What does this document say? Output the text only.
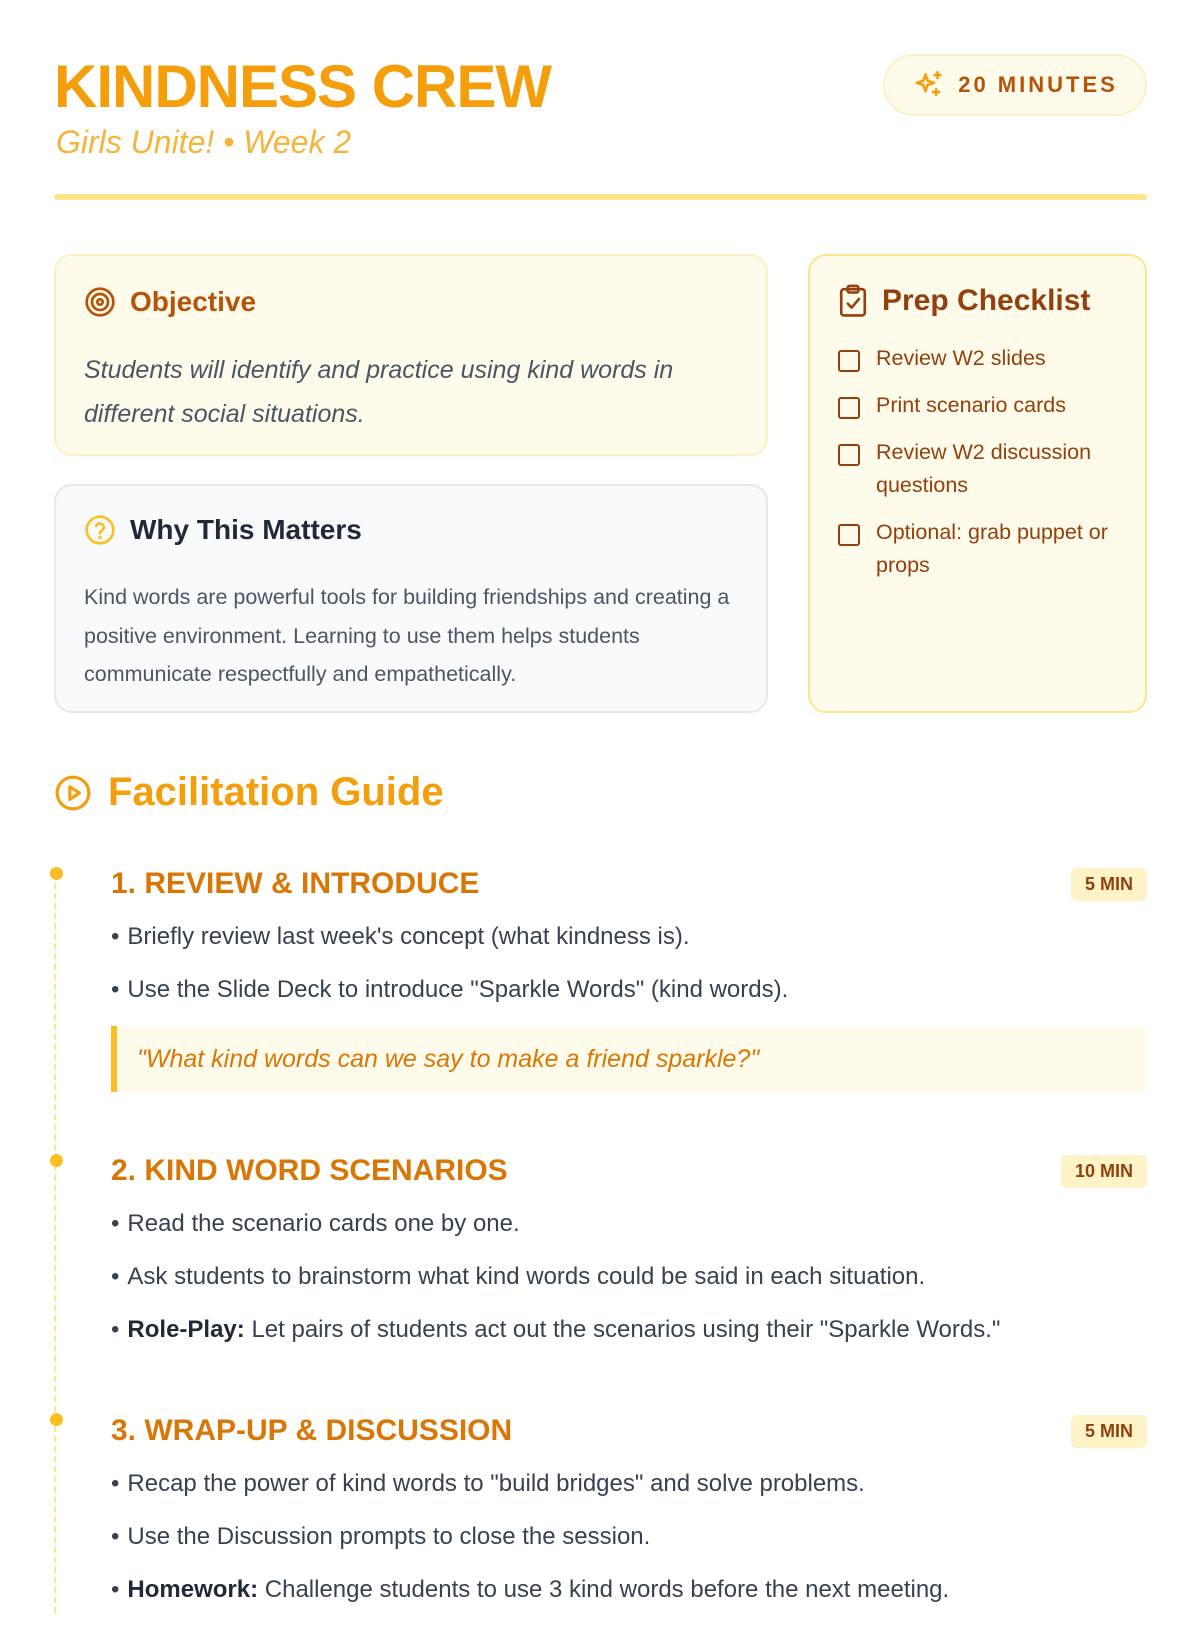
KINDNESS CREW
Girls Unite! • Week 2
20 MINUTES
Objective
Students will identify and practice using kind words in different social situations.
Why This Matters
Kind words are powerful tools for building friendships and creating a positive environment. Learning to use them helps students communicate respectfully and empathetically.
Prep Checklist
Review W2 slides
Print scenario cards
Review W2 discussion questions
Optional: grab puppet or props
Facilitation Guide
1. REVIEW & INTRODUCE	5 MIN
• Briefly review last week's concept (what kindness is).
• Use the Slide Deck to introduce "Sparkle Words" (kind words).
"What kind words can we say to make a friend sparkle?"
2. KIND WORD SCENARIOS	10 MIN
• Read the scenario cards one by one.
• Ask students to brainstorm what kind words could be said in each situation.
• Role-Play: Let pairs of students act out the scenarios using their "Sparkle Words."
3. WRAP-UP & DISCUSSION	5 MIN
• Recap the power of kind words to "build bridges" and solve problems.
• Use the Discussion prompts to close the session.
• Homework: Challenge students to use 3 kind words before the next meeting.
